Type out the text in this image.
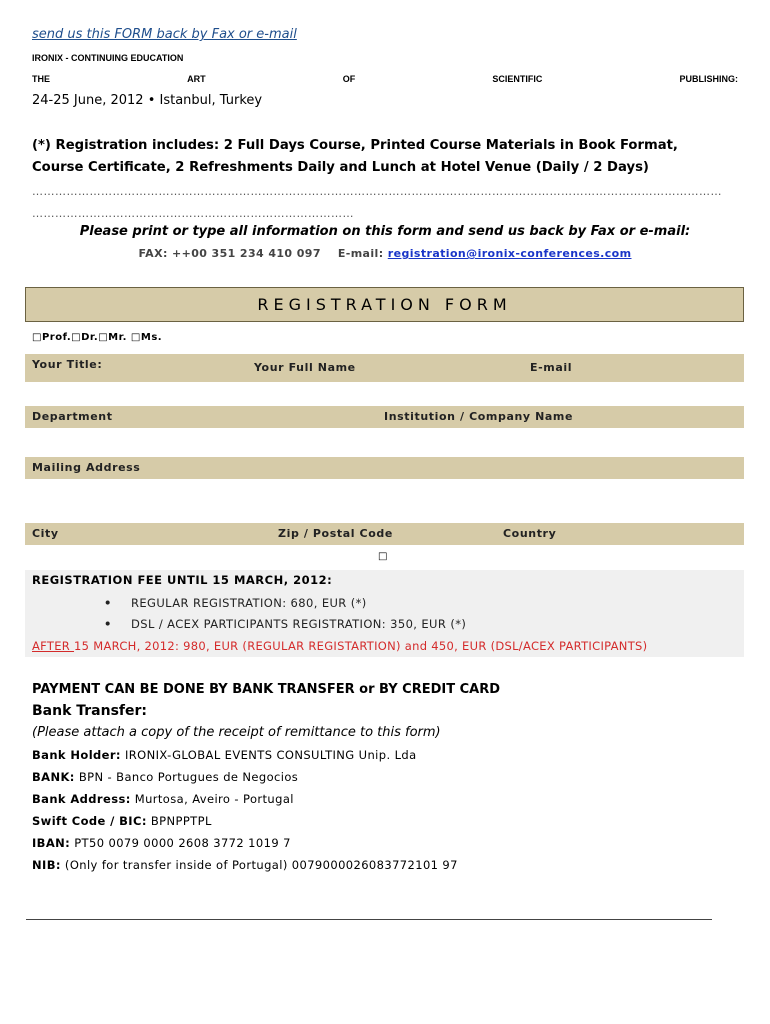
send us this FORM back by Fax or e-mail
IRONIX - CONTINUING EDUCATION
THE	ART	OF	SCIENTIFIC	PUBLISHING:
24-25 June, 2012 • Istanbul, Turkey
(*) Registration includes: 2 Full Days Course, Printed Course Materials in Book Format,
Course Certificate, 2 Refreshments Daily and Lunch at Hotel Venue (Daily / 2 Days)
………………………………………………………………………………………………………………………………………………………………
…………………………………………………………………………
Please print or type all information on this form and send us back by Fax or e-mail:
FAX: ++00 351 234 410 097 E-mail: registration@ironix-conferences.com
REGISTRATION FORM
□Prof.□Dr.□Mr. □Ms.
Your Title:	Your Full Name	E-mail
Department	Institution / Company Name
Mailing Address
City	Zip / Postal Code	Country
□
REGISTRATION FEE UNTIL 15 MARCH, 2012:
• REGULAR REGISTRATION: 680, EUR (*)
• DSL / ACEX PARTICIPANTS REGISTRATION: 350, EUR (*)
AFTER 15 MARCH, 2012: 980, EUR (REGULAR REGISTARTION) and 450, EUR (DSL/ACEX PARTICIPANTS)
PAYMENT CAN BE DONE BY BANK TRANSFER or BY CREDIT CARD
Bank Transfer:
(Please attach a copy of the receipt of remittance to this form)
Bank Holder: IRONIX-GLOBAL EVENTS CONSULTING Unip. Lda
BANK: BPN - Banco Portugues de Negocios
Bank Address: Murtosa, Aveiro - Portugal
Swift Code / BIC: BPNPPTPL
IBAN: PT50 0079 0000 2608 3772 1019 7
NIB: (Only for transfer inside of Portugal) 0079000026083772101 97
